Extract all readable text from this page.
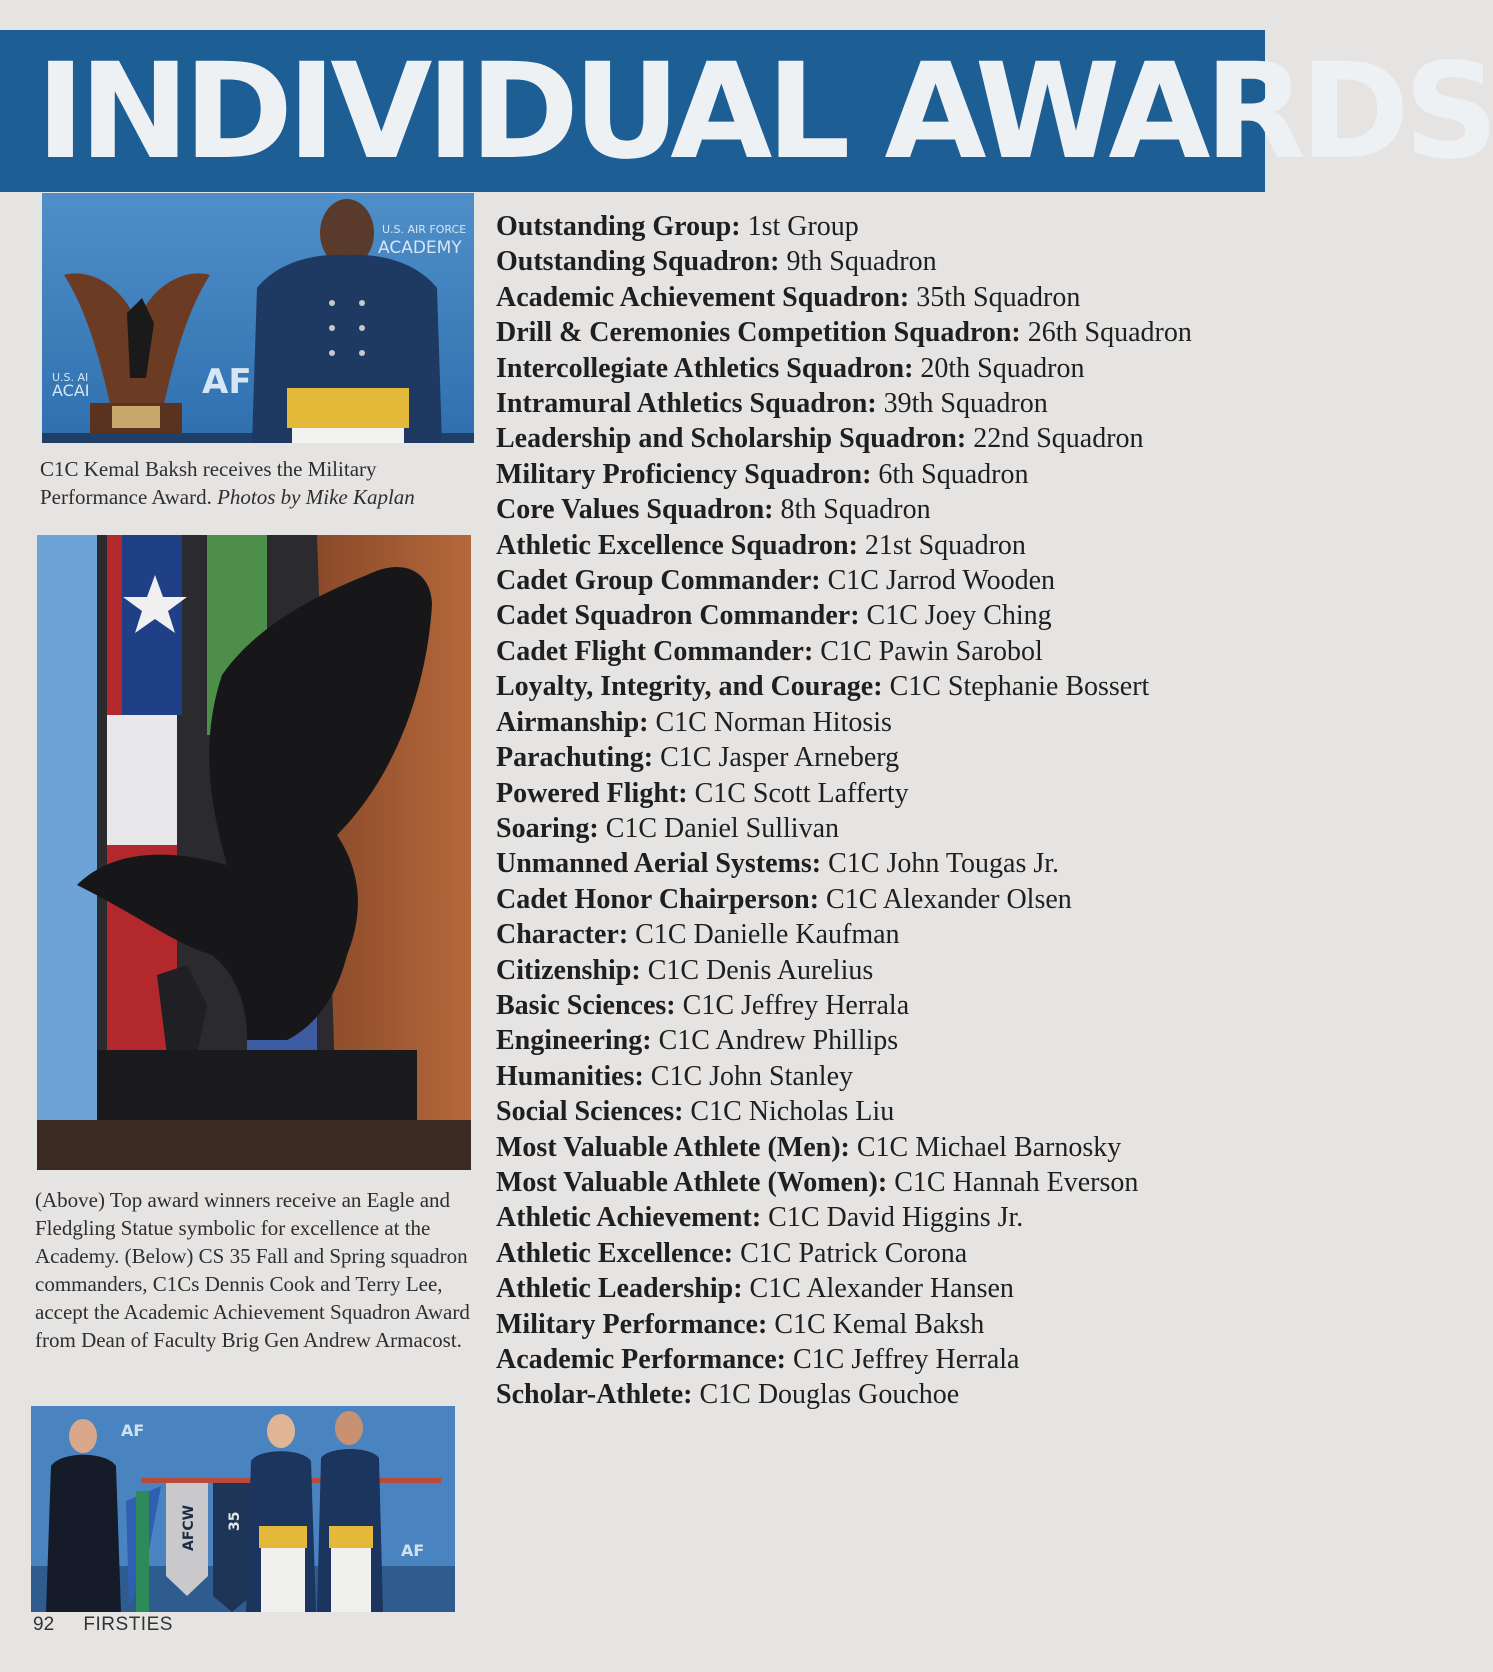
INDIVIDUAL AWARDS
U.S. AIR FORCE
ACADEMY
U.S. AI
ACAI	AF
C1C Kemal Baksh receives the Military Performance Award. Photos by Mike Kaplan
(Above) Top award winners receive an Eagle and Fledgling Statue symbolic for excellence at the Academy. (Below) CS 35 Fall and Spring squadron commanders, C1Cs Dennis Cook and Terry Lee, accept the Academic Achievement Squadron Award from Dean of Faculty Brig Gen Andrew Armacost.
AF
AF
AFCW 35
Outstanding Group: 1st Group
Outstanding Squadron: 9th Squadron
Academic Achievement Squadron: 35th Squadron
Drill & Ceremonies Competition Squadron: 26th Squadron
Intercollegiate Athletics Squadron: 20th Squadron
Intramural Athletics Squadron: 39th Squadron
Leadership and Scholarship Squadron: 22nd Squadron
Military Proficiency Squadron: 6th Squadron
Core Values Squadron: 8th Squadron
Athletic Excellence Squadron: 21st Squadron
Cadet Group Commander: C1C Jarrod Wooden
Cadet Squadron Commander: C1C Joey Ching
Cadet Flight Commander: C1C Pawin Sarobol
Loyalty, Integrity, and Courage: C1C Stephanie Bossert
Airmanship: C1C Norman Hitosis
Parachuting: C1C Jasper Arneberg
Powered Flight: C1C Scott Lafferty
Soaring: C1C Daniel Sullivan
Unmanned Aerial Systems: C1C John Tougas Jr.
Cadet Honor Chairperson: C1C Alexander Olsen
Character: C1C Danielle Kaufman
Citizenship: C1C Denis Aurelius
Basic Sciences: C1C Jeffrey Herrala
Engineering: C1C Andrew Phillips
Humanities: C1C John Stanley
Social Sciences: C1C Nicholas Liu
Most Valuable Athlete (Men): C1C Michael Barnosky
Most Valuable Athlete (Women): C1C Hannah Everson
Athletic Achievement: C1C David Higgins Jr.
Athletic Excellence: C1C Patrick Corona
Athletic Leadership: C1C Alexander Hansen
Military Performance: C1C Kemal Baksh
Academic Performance: C1C Jeffrey Herrala
Scholar-Athlete: C1C Douglas Gouchoe
92 FIRSTIES
